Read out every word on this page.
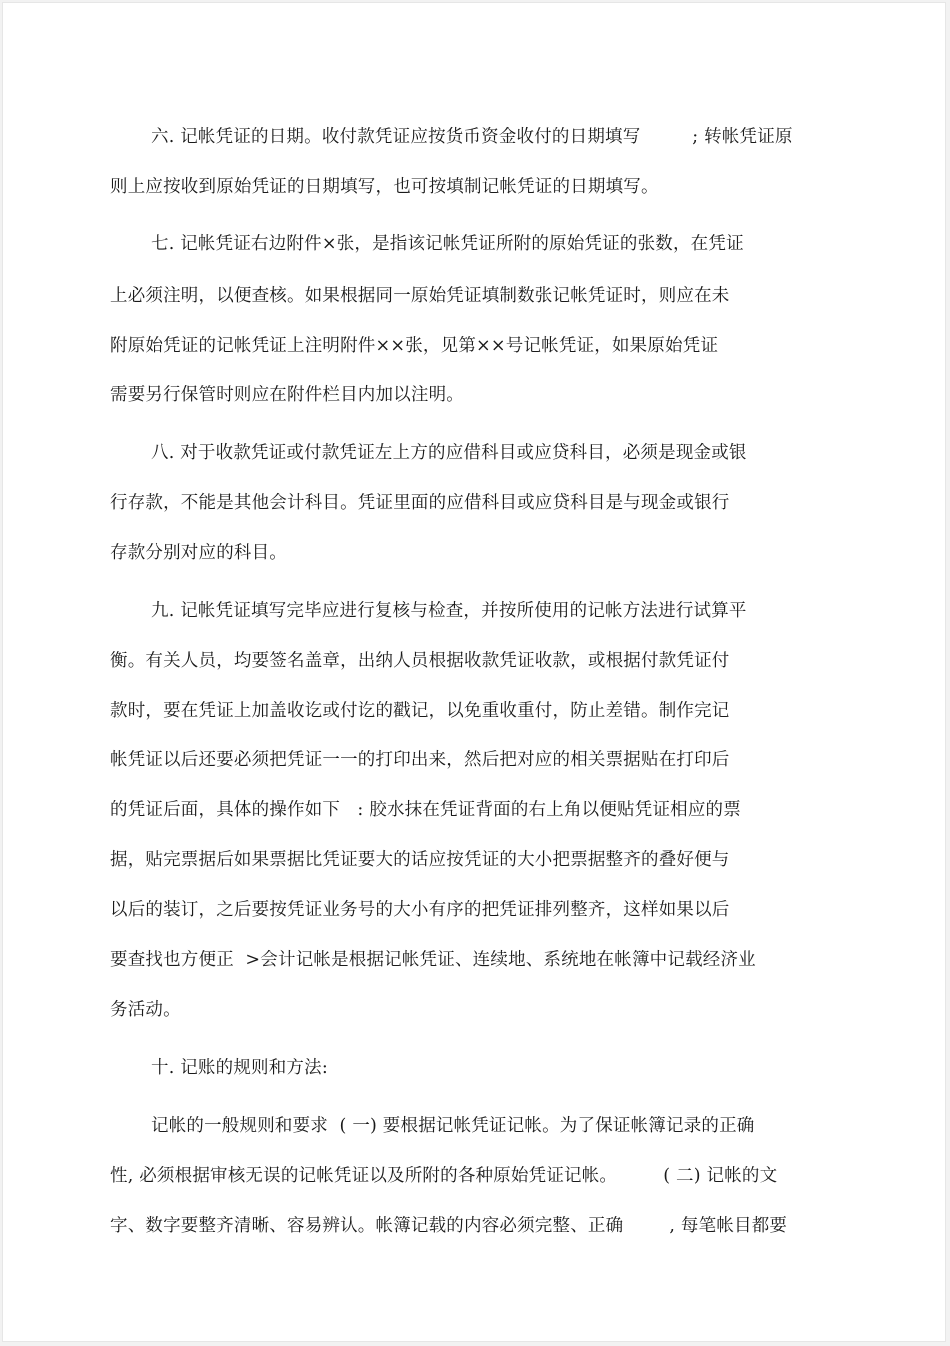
六. 记帐凭证的日期。收付款凭证应按货币资金收付的日期填写         ; 转帐凭证原
则上应按收到原始凭证的日期填写，也可按填制记帐凭证的日期填写。
七. 记帐凭证右边附件×张，是指该记帐凭证所附的原始凭证的张数，在凭证
上必须注明，以便查核。如果根据同一原始凭证填制数张记帐凭证时，则应在未
附原始凭证的记帐凭证上注明附件××张，见第××号记帐凭证，如果原始凭证
需要另行保管时则应在附件栏目内加以注明。
八. 对于收款凭证或付款凭证左上方的应借科目或应贷科目，必须是现金或银
行存款，不能是其他会计科目。凭证里面的应借科目或应贷科目是与现金或银行
存款分别对应的科目。
九. 记帐凭证填写完毕应进行复核与检查，并按所使用的记帐方法进行试算平
衡。有关人员，均要签名盖章，出纳人员根据收款凭证收款，或根据付款凭证付
款时，要在凭证上加盖收讫或付讫的戳记，以免重收重付，防止差错。制作完记
帐凭证以后还要必须把凭证一一的打印出来，然后把对应的相关票据贴在打印后
的凭证后面，具体的操作如下   : 胶水抹在凭证背面的右上角以便贴凭证相应的票
据，贴完票据后如果票据比凭证要大的话应按凭证的大小把票据整齐的叠好便与
以后的装订，之后要按凭证业务号的大小有序的把凭证排列整齐，这样如果以后
要查找也方便正  >会计记帐是根据记帐凭证、连续地、系统地在帐簿中记载经济业
务活动。
十. 记账的规则和方法:
记帐的一般规则和要求  ( 一) 要根据记帐凭证记帐。为了保证帐簿记录的正确
性, 必须根据审核无误的记帐凭证以及所附的各种原始凭证记帐。        ( 二) 记帐的文
字、数字要整齐清晰、容易辨认。帐簿记载的内容必须完整、正确        , 每笔帐目都要
